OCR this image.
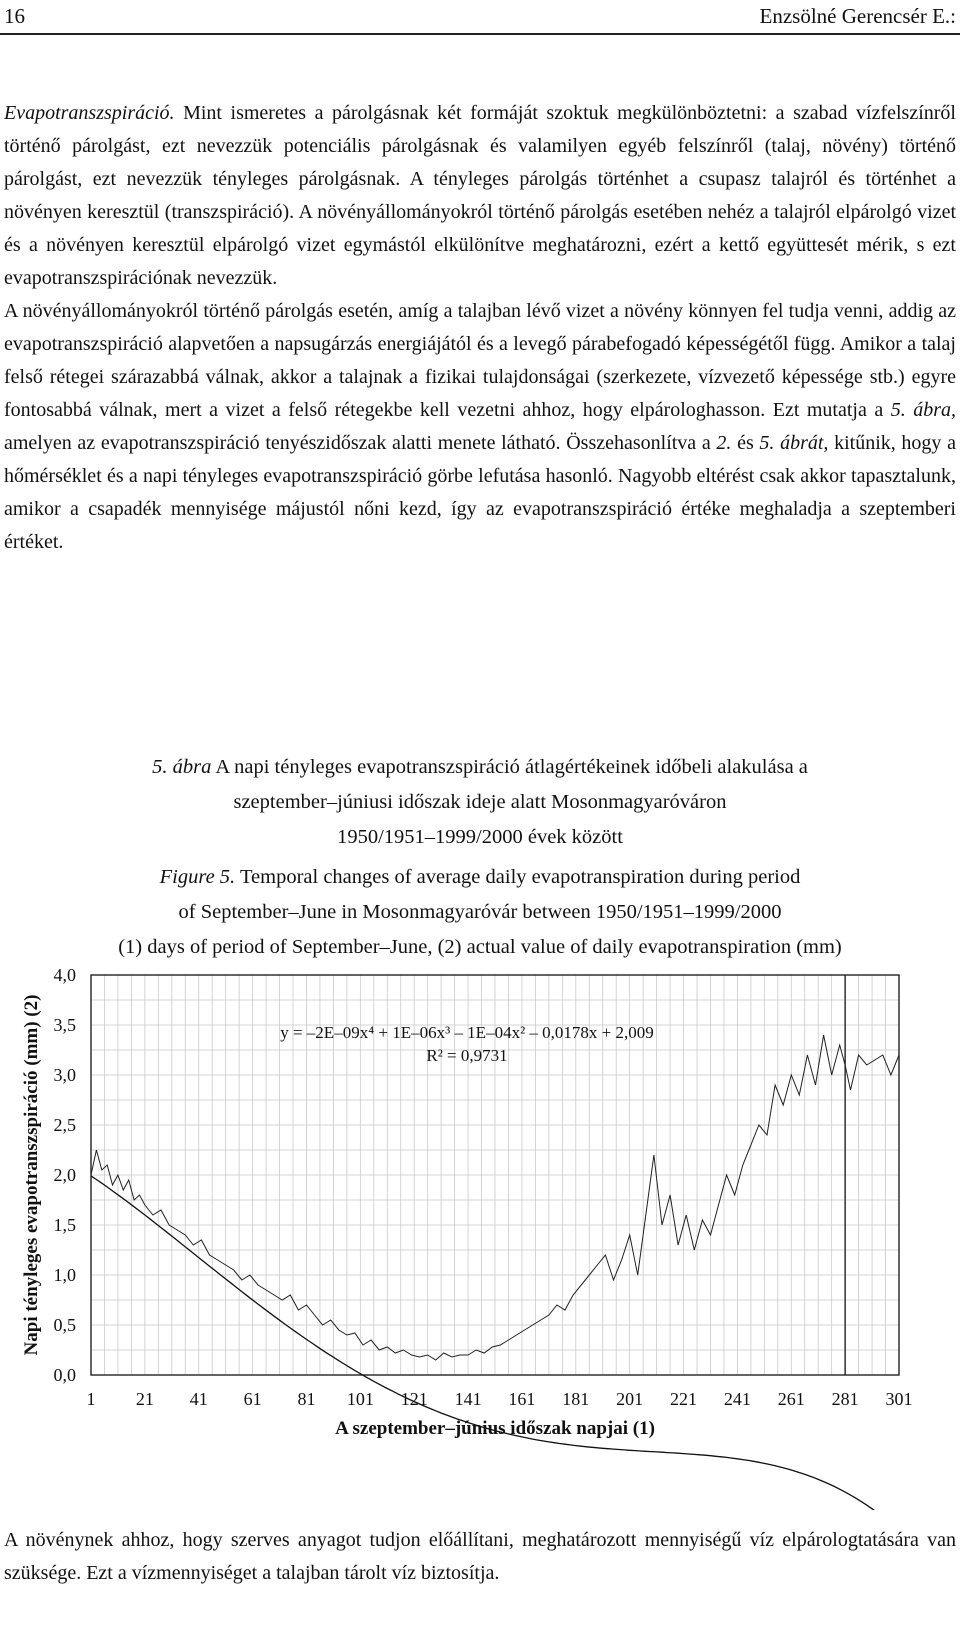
16	Enzsölné Gerencsér E.:

Evapotranszspiráció. Mint ismeretes a párolgásnak két formáját szoktuk megkülönböztetni: a szabad vízfelszínről történő párolgást, ezt nevezzük potenciális párolgásnak és valamilyen egyéb felszínről (talaj, növény) történő párolgást, ezt nevezzük tényleges párolgásnak. A tényleges párolgás történhet a csupasz talajról és történhet a növényen keresztül (transzspiráció). A növényállományokról történő párolgás esetében nehéz a talajról elpárolgó vizet és a növényen keresztül elpárolgó vizet egymástól elkülönítve meghatározni, ezért a kettő együttesét mérik, s ezt evapotranszspirációnak nevezzük.

A növényállományokról történő párolgás esetén, amíg a talajban lévő vizet a növény könnyen fel tudja venni, addig az evapotranszspiráció alapvetően a napsugárzás energiájától és a levegő párabefogadó képességétől függ. Amikor a talaj felső rétegei szárazabbá válnak, akkor a talajnak a fizikai tulajdonságai (szerkezete, vízvezető képessége stb.) egyre fontosabbá válnak, mert a vizet a felső rétegekbe kell vezetni ahhoz, hogy elpárologhasson. Ezt mutatja a 5. ábra, amelyen az evapotranszspiráció tenyészidőszak alatti menete látható. Összehasonlítva a 2. és 5. ábrát, kitűnik, hogy a hőmérséklet és a napi tényleges evapotranszspiráció görbe lefutása hasonló. Nagyobb eltérést csak akkor tapasztalunk, amikor a csapadék mennyisége májustól nőni kezd, így az evapotranszspiráció értéke meghaladja a szeptemberi értéket.

5. ábra A napi tényleges evapotranszspiráció átlagértékeinek időbeli alakulása a
szeptember–júniusi időszak ideje alatt Mosonmagyaróváron
1950/1951–1999/2000 évek között
Figure 5. Temporal changes of average daily evapotranspiration during period
of September–June in Mosonmagyaróvár between 1950/1951–1999/2000
(1) days of period of September–June, (2) actual value of daily evapotranspiration (mm)
0,0
0,5
1,0
1,5
2,0
2,5
3,0
3,5
4,0
1 21 41 61 81 101 121 141 161 181 201 221 241 261 281 301
y = –2E–09x⁴ + 1E–06x³ – 1E–04x² – 0,0178x + 2,009
R² = 0,9731
A szeptember–június időszak napjai (1)
Napi tényleges evapotranszspiráció (mm) (2)

A növénynek ahhoz, hogy szerves anyagot tudjon előállítani, meghatározott mennyiségű víz elpárologtatására van szüksége. Ezt a vízmennyiséget a talajban tárolt víz biztosítja.
